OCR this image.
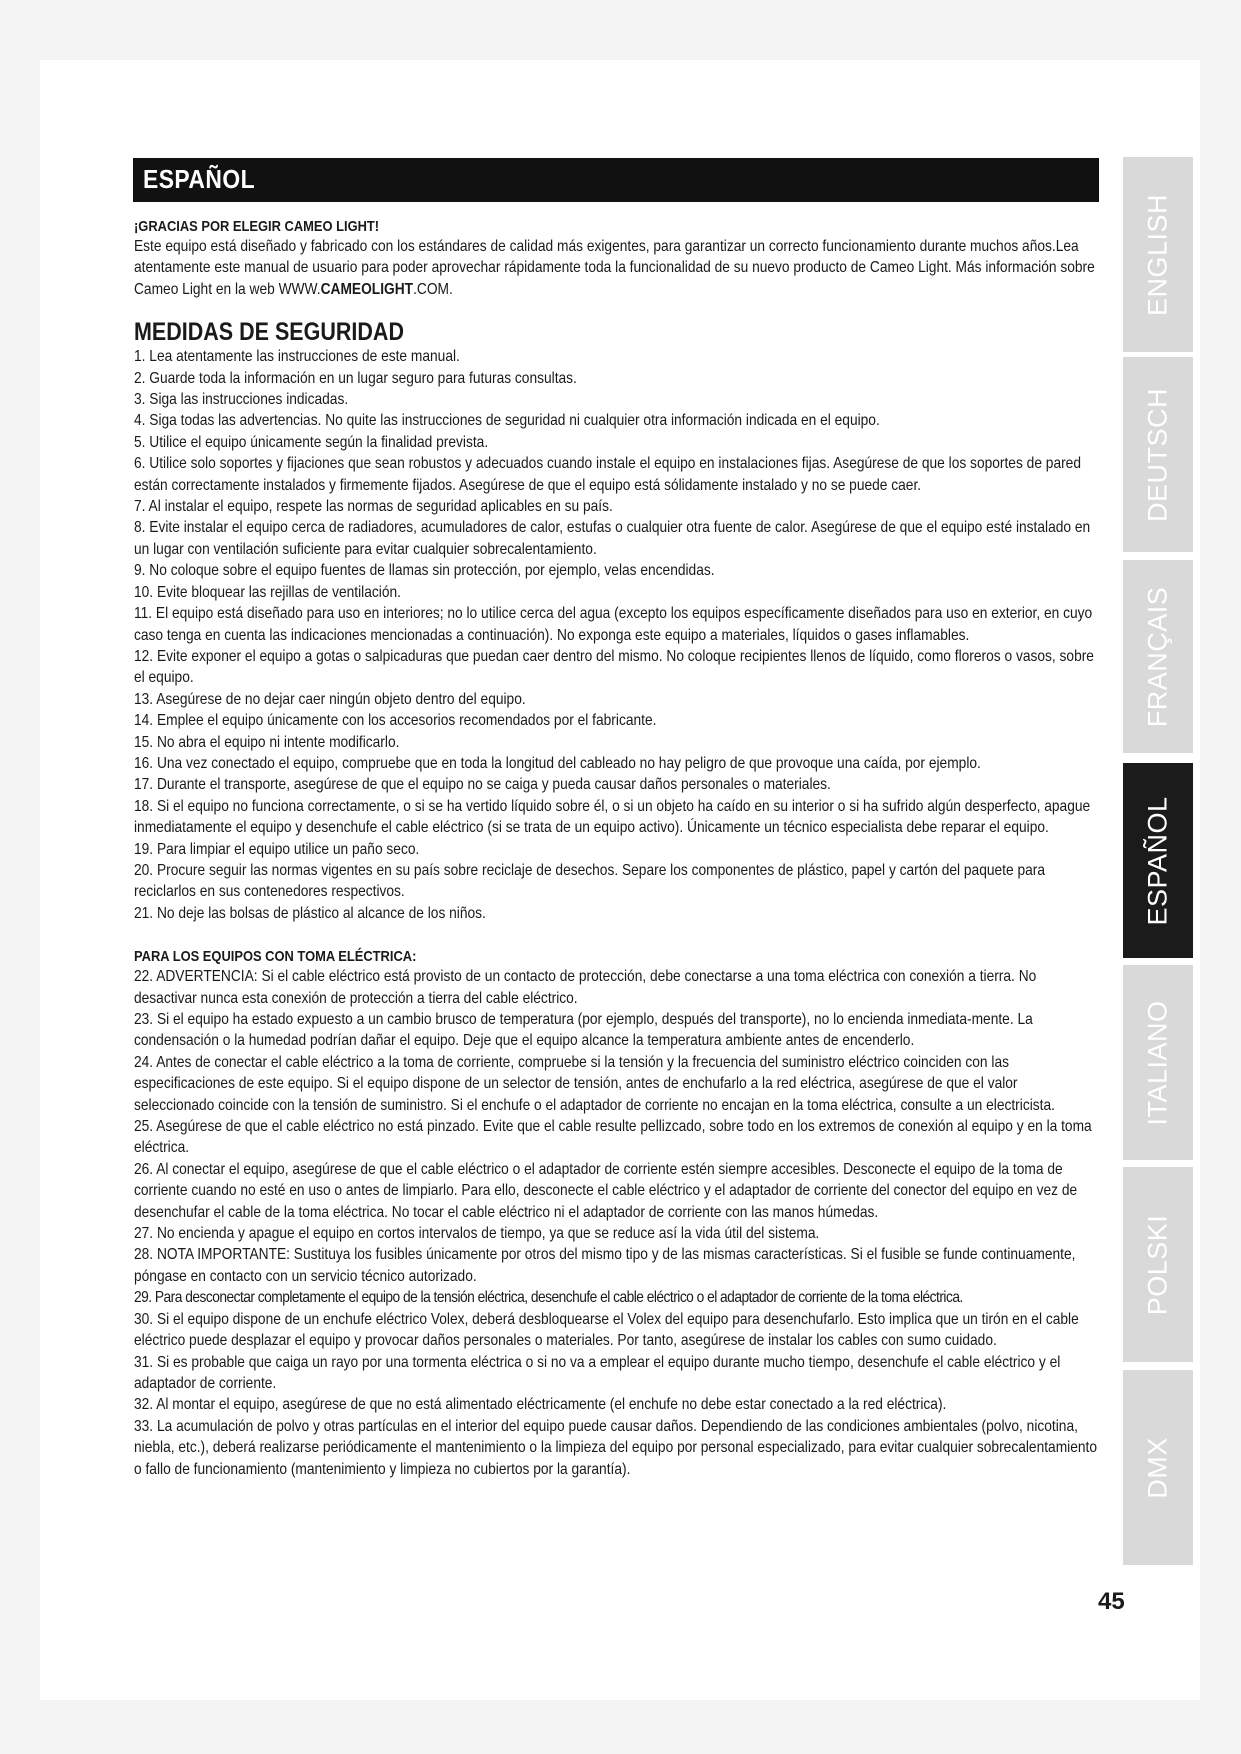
ESPAÑOL
¡GRACIAS POR ELEGIR CAMEO LIGHT!
Este equipo está diseñado y fabricado con los estándares de calidad más exigentes, para garantizar un correcto funcionamiento durante muchos años.Lea atentamente este manual de usuario para poder aprovechar rápidamente toda la funcionalidad de su nuevo producto de Cameo Light. Más información sobre Cameo Light en la web WWW.CAMEOLIGHT.COM.
MEDIDAS DE SEGURIDAD

1. Lea atentamente las instrucciones de este manual.

2. Guarde toda la información en un lugar seguro para futuras consultas.

3. Siga las instrucciones indicadas.

4. Siga todas las advertencias. No quite las instrucciones de seguridad ni cualquier otra información indicada en el equipo.

5. Utilice el equipo únicamente según la finalidad prevista.

6. Utilice solo soportes y fijaciones que sean robustos y adecuados cuando instale el equipo en instalaciones fijas. Asegúrese de que los soportes de pared están correctamente instalados y firmemente fijados. Asegúrese de que el equipo está sólidamente instalado y no se puede caer.

7. Al instalar el equipo, respete las normas de seguridad aplicables en su país.

8. Evite instalar el equipo cerca de radiadores, acumuladores de calor, estufas o cualquier otra fuente de calor. Asegúrese de que el equipo esté instalado en un lugar con ventilación suficiente para evitar cualquier sobrecalentamiento.

9. No coloque sobre el equipo fuentes de llamas sin protección, por ejemplo, velas encendidas.

10. Evite bloquear las rejillas de ventilación.

11. El equipo está diseñado para uso en interiores; no lo utilice cerca del agua (excepto los equipos específicamente diseñados para uso en exterior, en cuyo caso tenga en cuenta las indicaciones mencionadas a continuación). No exponga este equipo a materiales, líquidos o gases inflamables.

12. Evite exponer el equipo a gotas o salpicaduras que puedan caer dentro del mismo. No coloque recipientes llenos de líquido, como floreros o vasos, sobre el equipo.

13. Asegúrese de no dejar caer ningún objeto dentro del equipo.

14. Emplee el equipo únicamente con los accesorios recomendados por el fabricante.

15. No abra el equipo ni intente modificarlo.

16. Una vez conectado el equipo, compruebe que en toda la longitud del cableado no hay peligro de que provoque una caída, por ejemplo.

17. Durante el transporte, asegúrese de que el equipo no se caiga y pueda causar daños personales o materiales.

18. Si el equipo no funciona correctamente, o si se ha vertido líquido sobre él, o si un objeto ha caído en su interior o si ha sufrido algún desperfecto, apague inmediatamente el equipo y desenchufe el cable eléctrico (si se trata de un equipo activo). Únicamente un técnico especialista debe reparar el equipo.

19. Para limpiar el equipo utilice un paño seco.

20. Procure seguir las normas vigentes en su país sobre reciclaje de desechos. Separe los componentes de plástico, papel y cartón del paquete para reciclarlos en sus contenedores respectivos.

21. No deje las bolsas de plástico al alcance de los niños.

PARA LOS EQUIPOS CON TOMA ELÉCTRICA:

22. ADVERTENCIA: Si el cable eléctrico está provisto de un contacto de protección, debe conectarse a una toma eléctrica con conexión a tierra. No desactivar nunca esta conexión de protección a tierra del cable eléctrico.

23. Si el equipo ha estado expuesto a un cambio brusco de temperatura (por ejemplo, después del transporte), no lo encienda inmediata-mente. La condensación o la humedad podrían dañar el equipo. Deje que el equipo alcance la temperatura ambiente antes de encenderlo.

24. Antes de conectar el cable eléctrico a la toma de corriente, compruebe si la tensión y la frecuencia del suministro eléctrico coinciden con las especificaciones de este equipo. Si el equipo dispone de un selector de tensión, antes de enchufarlo a la red eléctrica, asegúrese de que el valor seleccionado coincide con la tensión de suministro. Si el enchufe o el adaptador de corriente no encajan en la toma eléctrica, consulte a un electricista.

25. Asegúrese de que el cable eléctrico no está pinzado. Evite que el cable resulte pellizcado, sobre todo en los extremos de conexión al equipo y en la toma eléctrica.

26. Al conectar el equipo, asegúrese de que el cable eléctrico o el adaptador de corriente estén siempre accesibles. Desconecte el equipo de la toma de corriente cuando no esté en uso o antes de limpiarlo. Para ello, desconecte el cable eléctrico y el adaptador de corriente del conector del equipo en vez de desenchufar el cable de la toma eléctrica. No tocar el cable eléctrico ni el adaptador de corriente con las manos húmedas.

27. No encienda y apague el equipo en cortos intervalos de tiempo, ya que se reduce así la vida útil del sistema.

28. NOTA IMPORTANTE: Sustituya los fusibles únicamente por otros del mismo tipo y de las mismas características. Si el fusible se funde continuamente, póngase en contacto con un servicio técnico autorizado.

29. Para desconectar completamente el equipo de la tensión eléctrica, desenchufe el cable eléctrico o el adaptador de corriente de la toma eléctrica.

30. Si el equipo dispone de un enchufe eléctrico Volex, deberá desbloquearse el Volex del equipo para desenchufarlo. Esto implica que un tirón en el cable eléctrico puede desplazar el equipo y provocar daños personales o materiales. Por tanto, asegúrese de instalar los cables con sumo cuidado.

31. Si es probable que caiga un rayo por una tormenta eléctrica o si no va a emplear el equipo durante mucho tiempo, desenchufe el cable eléctrico y el adaptador de corriente.

32. Al montar el equipo, asegúrese de que no está alimentado eléctricamente (el enchufe no debe estar conectado a la red eléctrica).

33. La acumulación de polvo y otras partículas en el interior del equipo puede causar daños. Dependiendo de las condiciones ambientales (polvo, nicotina, niebla, etc.), deberá realizarse periódicamente el mantenimiento o la limpieza del equipo por personal especializado, para evitar cualquier sobrecalentamiento o fallo de funcionamiento (mantenimiento y limpieza no cubiertos por la garantía).

ENGLISH
DEUTSCH
FRANÇAIS
ESPAÑOL
ITALIANO
POLSKI
DMX
45
